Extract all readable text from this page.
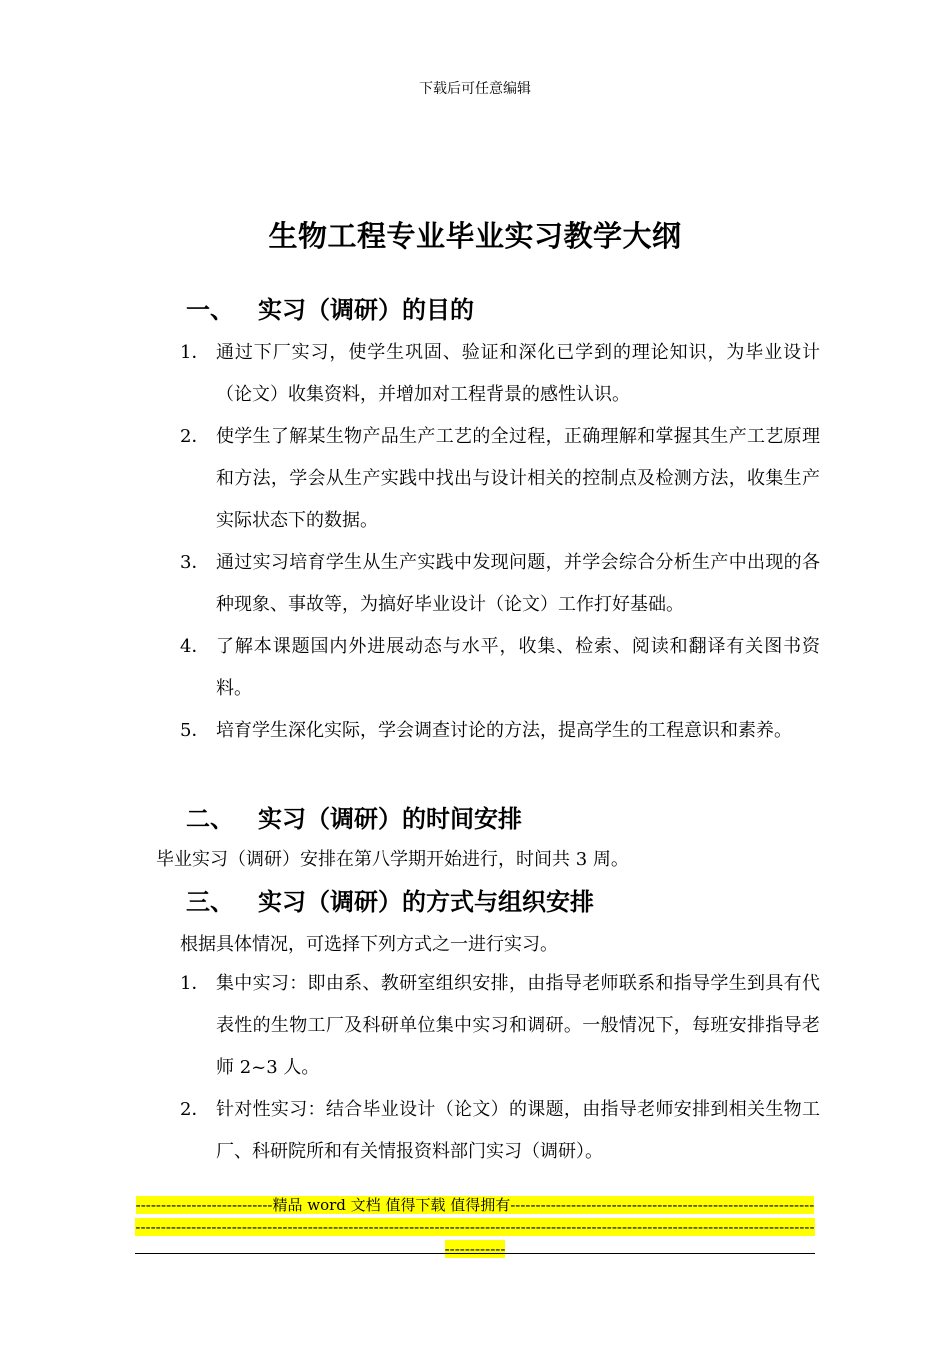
下载后可任意编辑
生物工程专业毕业实习教学大纲
一、 实习（调研）的目的
1． 通过下厂实习，使学生巩固、验证和深化已学到的理论知识，为毕业设计（论文）收集资料，并增加对工程背景的感性认识。
2． 使学生了解某生物产品生产工艺的全过程，正确理解和掌握其生产工艺原理和方法，学会从生产实践中找出与设计相关的控制点及检测方法，收集生产实际状态下的数据。
3． 通过实习培育学生从生产实践中发现问题，并学会综合分析生产中出现的各种现象、事故等，为搞好毕业设计（论文）工作打好基础。
4． 了解本课题国内外进展动态与水平，收集、检索、阅读和翻译有关图书资料。
5． 培育学生深化实际，学会调查讨论的方法，提高学生的工程意识和素养。
二、 实习（调研）的时间安排
毕业实习（调研）安排在第八学期开始进行，时间共 3 周。
三、 实习（调研）的方式与组织安排
根据具体情况，可选择下列方式之一进行实习。
1． 集中实习：即由系、教研室组织安排，由指导老师联系和指导学生到具有代表性的生物工厂及科研单位集中实习和调研。一般情况下，每班安排指导老师 2~3 人。
2． 针对性实习：结合毕业设计（论文）的课题，由指导老师安排到相关生物工厂、科研院所和有关情报资料部门实习（调研）。
---------------------------精品 word 文档 值得下载 值得拥有--------------------------------------------------------------------------------------------------------------------------------------------------------------------------------------------------------------
